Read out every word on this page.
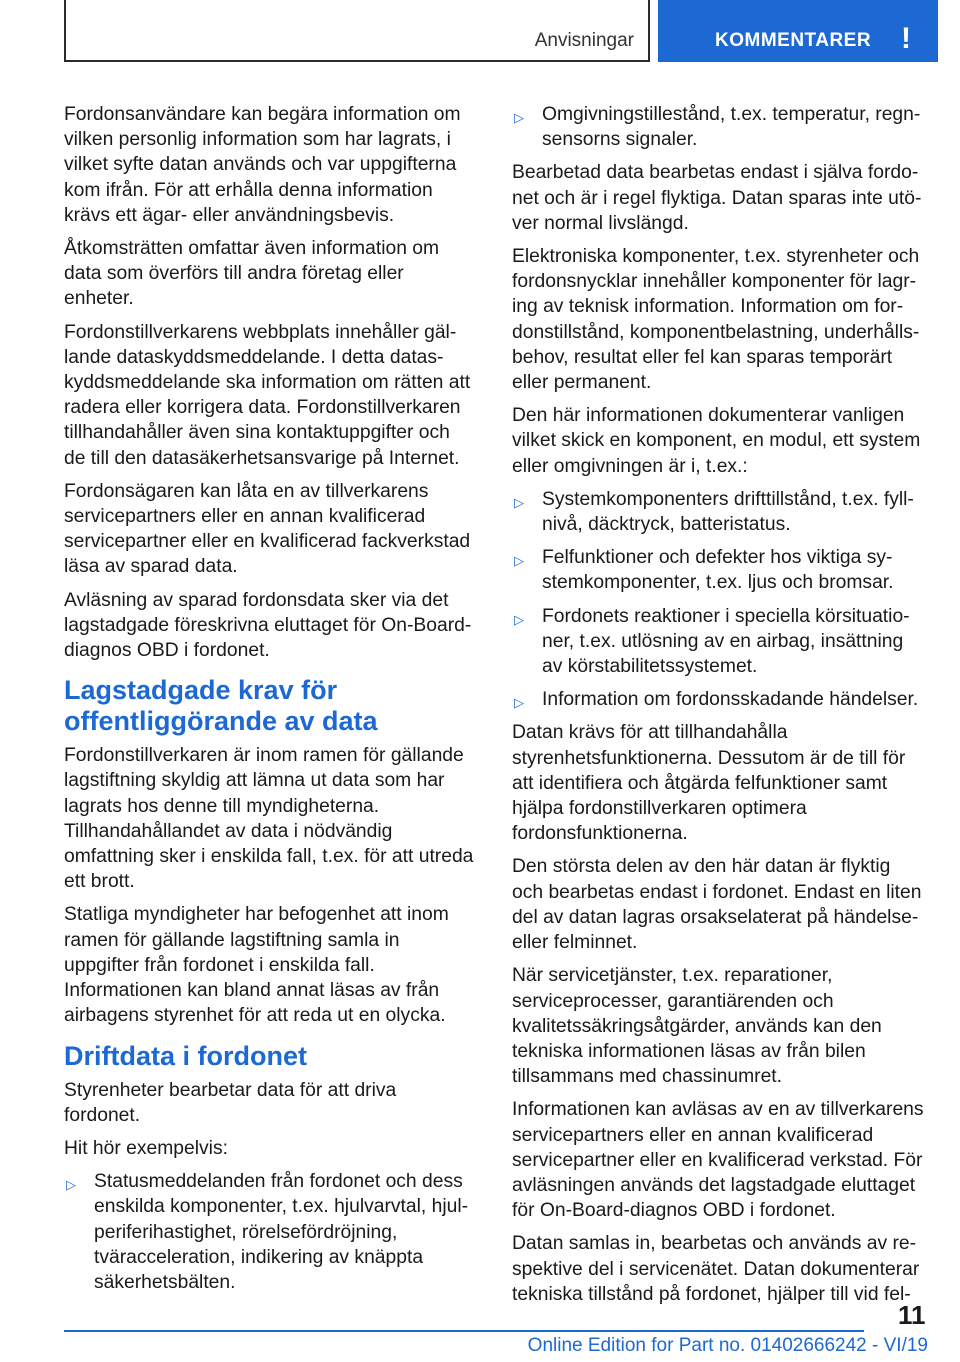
Anvisningar	KOMMENTARER !

Fordonsanvändare kan begära information om vilken personlig information som har lagrats, i vilket syfte datan används och var uppgifterna kom ifrån. För att erhålla denna information krävs ett ägar- eller användningsbevis.

Åtkomsträtten omfattar även information om data som överförs till andra företag eller enheter.

Fordonstillverkarens webbplats innehåller gällande dataskyddsmeddelande. I detta dataskyddsmeddelande ska information om rätten att radera eller korrigera data. Fordonstillverkaren tillhandahåller även sina kontaktuppgifter och de till den datasäkerhetsansvarige på Internet.

Fordonsägaren kan låta en av tillverkarens servicepartners eller en annan kvalificerad servicepartner eller en kvalificerad fackverkstad läsa av sparad data.

Avläsning av sparad fordonsdata sker via det lagstadgade föreskrivna eluttaget för On-Board-diagnos OBD i fordonet.

Lagstadgade krav för offentliggörande av data

Fordonstillverkaren är inom ramen för gällande lagstiftning skyldig att lämna ut data som har lagrats hos denne till myndigheterna. Tillhandahållandet av data i nödvändig omfattning sker i enskilda fall, t.ex. för att utreda ett brott.

Statliga myndigheter har befogenhet att inom ramen för gällande lagstiftning samla in uppgifter från fordonet i enskilda fall. Informationen kan bland annat läsas av från airbagens styrenhet för att reda ut en olycka.

Driftdata i fordonet

Styrenheter bearbetar data för att driva fordonet.

Hit hör exempelvis:

▷ Statusmeddelanden från fordonet och dess enskilda komponenter, t.ex. hjulvarvtal, hjulperiferihastighet, rörelsefördröjning, tväracceleration, indikering av knäppta säkerhetsbälten.
▷ Omgivningstillestånd, t.ex. temperatur, regnsensorns signaler.

Bearbetad data bearbetas endast i själva fordonet och är i regel flyktiga. Datan sparas inte utöver normal livslängd.

Elektroniska komponenter, t.ex. styrenheter och fordonsnycklar innehåller komponenter för lagring av teknisk information. Information om fordonstillstånd, komponentbelastning, underhållsbehov, resultat eller fel kan sparas temporärt eller permanent.

Den här informationen dokumenterar vanligen vilket skick en komponent, en modul, ett system eller omgivningen är i, t.ex.:

▷ Systemkomponenters drifttillstånd, t.ex. fyllnivå, däcktryck, batteristatus.
▷ Felfunktioner och defekter hos viktiga systemkomponenter, t.ex. ljus och bromsar.
▷ Fordonets reaktioner i speciella körsituationer, t.ex. utlösning av en airbag, insättning av körstabilitetssystemet.
▷ Information om fordonsskadande händelser.

Datan krävs för att tillhandahålla styrenhetsfunktionerna. Dessutom är de till för att identifiera och åtgärda felfunktioner samt hjälpa fordonstillverkaren optimera fordonsfunktionerna.

Den största delen av den här datan är flyktig och bearbetas endast i fordonet. Endast en liten del av datan lagras orsakselaterat på händelse- eller felminnet.

När servicetjänster, t.ex. reparationer, serviceprocesser, garantiärenden och kvalitetssäkringsåtgärder, används kan den tekniska informationen läsas av från bilen tillsammans med chassinumret.

Informationen kan avläsas av en av tillverkarens servicepartners eller en annan kvalificerad servicepartner eller en kvalificerad verkstad. För avläsningen används det lagstadgade eluttaget för On-Board-diagnos OBD i fordonet.

Datan samlas in, bearbetas och används av respektive del i servicenätet. Datan dokumenterar tekniska tillstånd på fordonet, hjälper till vid fel-

11
Online Edition for Part no. 01402666242 - VI/19
